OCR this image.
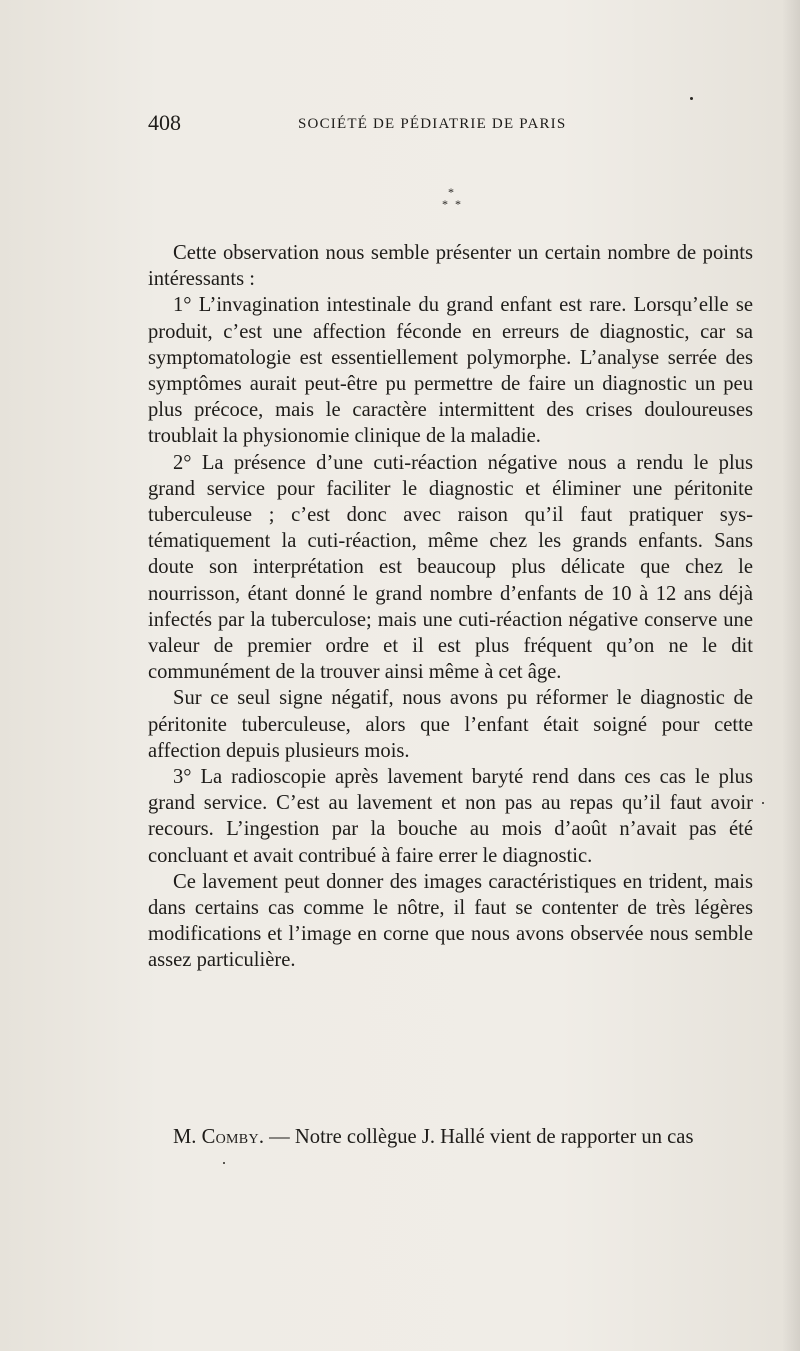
408	SOCIÉTÉ DE PÉDIATRIE DE PARIS
*
* *

Cette observation nous semble présenter un certain nombre de points intéressants :

1° L’invagination intestinale du grand enfant est rare. Lorsqu’elle se produit, c’est une affection féconde en erreurs de diagnostic, car sa symptomatologie est essentiellement polymorphe. L’analyse serrée des symptômes aurait peut-être pu permettre de faire un diagnostic un peu plus précoce, mais le caractère intermittent des crises douloureuses troublait la physionomie clinique de la maladie.

2° La présence d’une cuti-réaction négative nous a rendu le plus grand service pour faciliter le diagnostic et éliminer une péritonite tuberculeuse ; c’est donc avec raison qu’il faut pratiquer systématiquement la cuti-réaction, même chez les grands enfants. Sans doute son interprétation est beaucoup plus délicate que chez le nourrisson, étant donné le grand nombre d’enfants de 10 à 12 ans déjà infectés par la tuberculose; mais une cuti-réaction négative conserve une valeur de premier ordre et il est plus fréquent qu’on ne le dit communément de la trouver ainsi même à cet âge.

Sur ce seul signe négatif, nous avons pu réformer le diagnostic de péritonite tuberculeuse, alors que l’enfant était soigné pour cette affection depuis plusieurs mois.

3° La radioscopie après lavement baryté rend dans ces cas le plus grand service. C’est au lavement et non pas au repas qu’il faut avoir recours. L’ingestion par la bouche au mois d’août n’avait pas été concluant et avait contribué à faire errer le diagnostic.

Ce lavement peut donner des images caractéristiques en trident, mais dans certains cas comme le nôtre, il faut se contenter de très légères modifications et l’image en corne que nous avons observée nous semble assez particulière.

M. Comby. — Notre collègue J. Hallé vient de rapporter un cas
